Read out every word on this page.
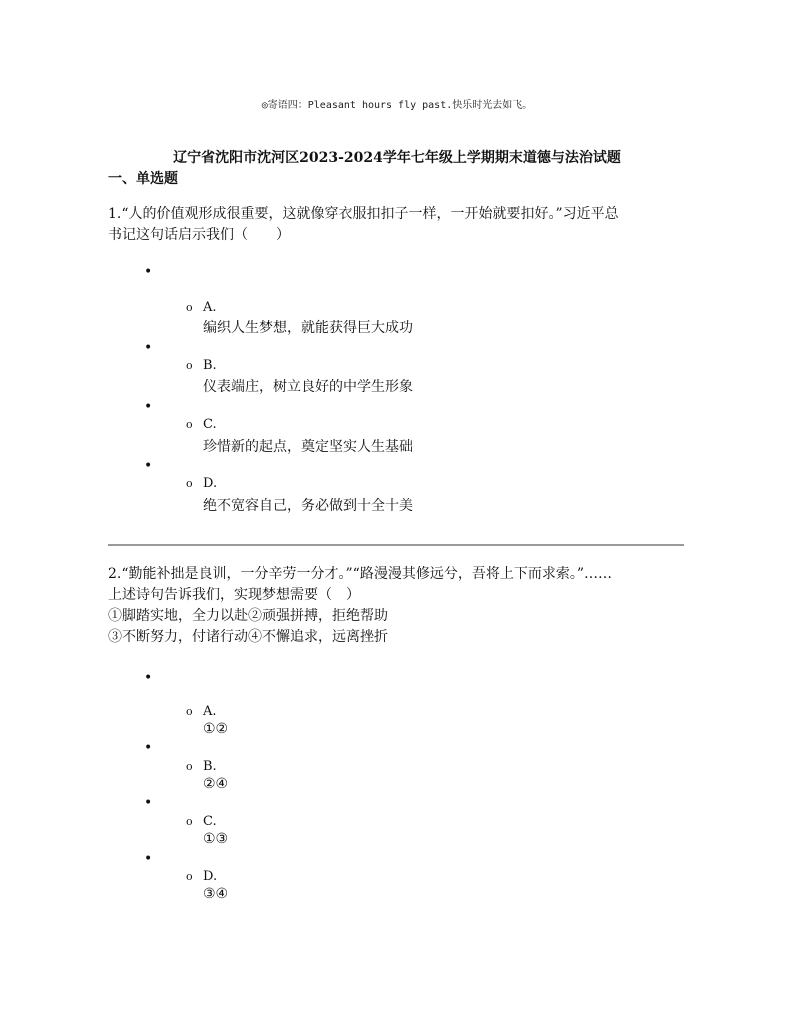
◎寄语四：Pleasant hours fly past.快乐时光去如飞。
辽宁省沈阳市沈河区2023-2024学年七年级上学期期末道德与法治试题
一、单选题
1.“人的价值观形成很重要，这就像穿衣服扣扣子一样，一开始就要扣好。”习近平总
书记这句话启示我们（　　）
•
o A.
编织人生梦想，就能获得巨大成功
•
o B.
仪表端庄，树立良好的中学生形象
•
o C.
珍惜新的起点，奠定坚实人生基础
•
o D.
绝不宽容自己，务必做到十全十美
2.“勤能补拙是良训，一分辛劳一分才。”“路漫漫其修远兮，吾将上下而求索。”……
上述诗句告诉我们，实现梦想需要（　）
①脚踏实地，全力以赴②顽强拼搏，拒绝帮助
③不断努力，付诸行动④不懈追求，远离挫折
•
o A.
①②
•
o B.
②④
•
o C.
①③
•
o D.
③④
